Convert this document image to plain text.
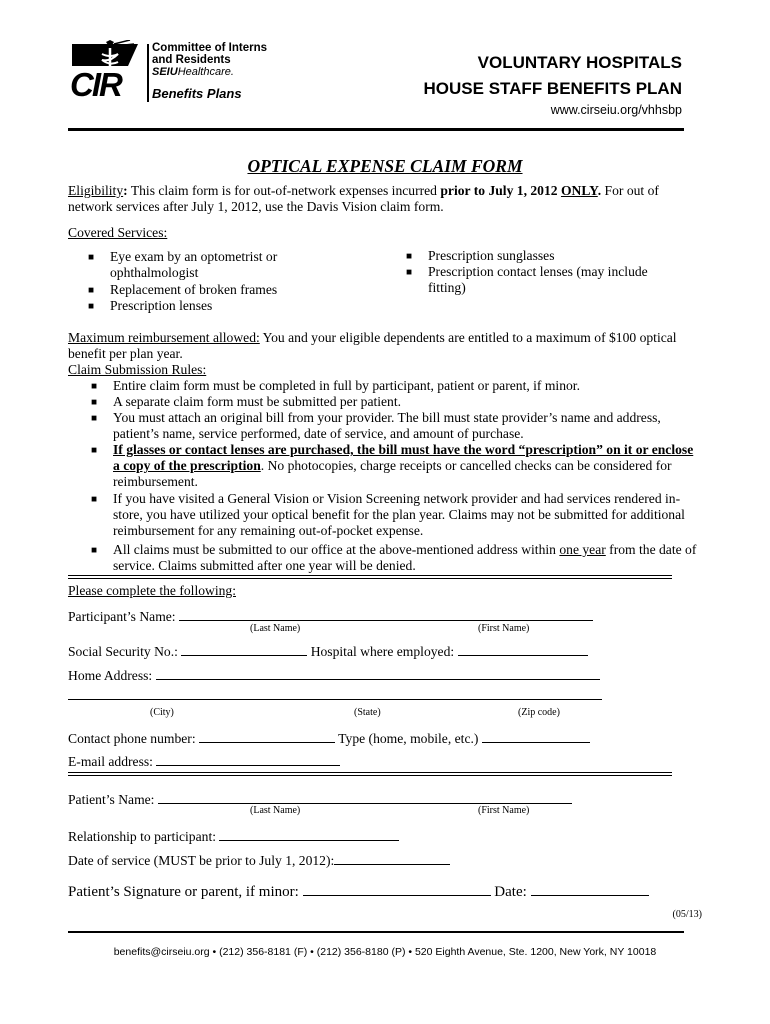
CIR
Committee of Interns
and Residents
SEIUHealthcare.
Benefits Plans
VOLUNTARY HOSPITALS
HOUSE STAFF BENEFITS PLAN
www.cirseiu.org/vhhsbp
OPTICAL EXPENSE CLAIM FORM

Eligibility: This claim form is for out-of-network expenses incurred prior to July 1, 2012 ONLY. For out of network services after July 1, 2012, use the Davis Vision claim form.

Covered Services:
■ Eye exam by an optometrist or ophthalmologist
■ Replacement of broken frames
■ Prescription lenses
■ Prescription sunglasses
■ Prescription contact lenses (may include fitting)

Maximum reimbursement allowed: You and your eligible dependents are entitled to a maximum of $100 optical benefit per plan year.

Claim Submission Rules:
■ Entire claim form must be completed in full by participant, patient or parent, if minor.
■ A separate claim form must be submitted per patient.
■ You must attach an original bill from your provider. The bill must state provider’s name and address, patient’s name, service performed, date of service, and amount of purchase.
■ If glasses or contact lenses are purchased, the bill must have the word “prescription” on it or enclose a copy of the prescription. No photocopies, charge receipts or cancelled checks can be considered for reimbursement.
■ If you have visited a General Vision or Vision Screening network provider and had services rendered in-store, you have utilized your optical benefit for the plan year. Claims may not be submitted for additional reimbursement for any remaining out-of-pocket expense.
■ All claims must be submitted to our office at the above-mentioned address within one year from the date of service. Claims submitted after one year will be denied.
Please complete the following:
Participant’s Name:
(Last Name)	(First Name)
Social Security No.:	Hospital where employed:
Home Address:
(City)	(State)	(Zip code)
Contact phone number:	Type (home, mobile, etc.)
E-mail address:
Patient’s Name:
(Last Name)	(First Name)
Relationship to participant:
Date of service (MUST be prior to July 1, 2012):
Patient’s Signature or parent, if minor:	Date:
(05/13)
benefits@cirseiu.org • (212) 356-8181 (F) • (212) 356-8180 (P) • 520 Eighth Avenue, Ste. 1200, New York, NY 10018
